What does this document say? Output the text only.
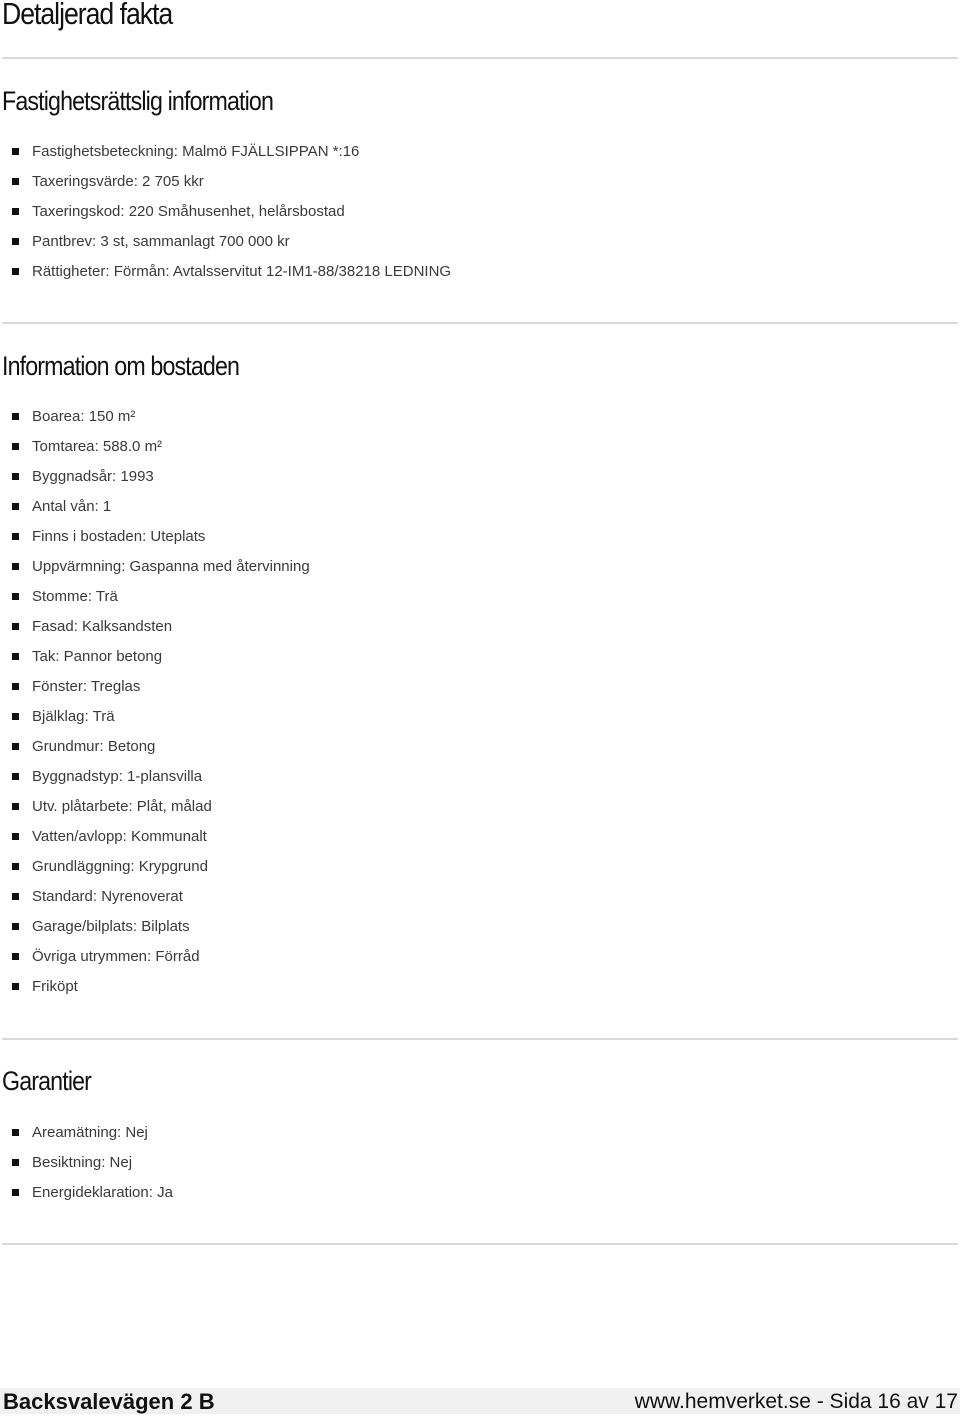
Detaljerad fakta
Fastighetsrättslig information
Fastighetsbeteckning: Malmö FJÄLLSIPPAN *:16
Taxeringsvärde: 2 705 kkr
Taxeringskod: 220 Småhusenhet, helårsbostad
Pantbrev: 3 st, sammanlagt 700 000 kr
Rättigheter: Förmån: Avtalsservitut 12-IM1-88/38218 LEDNING
Information om bostaden
Boarea: 150 m²
Tomtarea: 588.0 m²
Byggnadsår: 1993
Antal vån: 1
Finns i bostaden: Uteplats
Uppvärmning: Gaspanna med återvinning
Stomme: Trä
Fasad: Kalksandsten
Tak: Pannor betong
Fönster: Treglas
Bjälklag: Trä
Grundmur: Betong
Byggnadstyp: 1-plansvilla
Utv. plåtarbete: Plåt, målad
Vatten/avlopp: Kommunalt
Grundläggning: Krypgrund
Standard: Nyrenoverat
Garage/bilplats: Bilplats
Övriga utrymmen: Förråd
Friköpt
Garantier
Areamätning: Nej
Besiktning: Nej
Energideklaration: Ja
Backsvalevägen 2 B	www.hemverket.se - Sida 16 av 17
